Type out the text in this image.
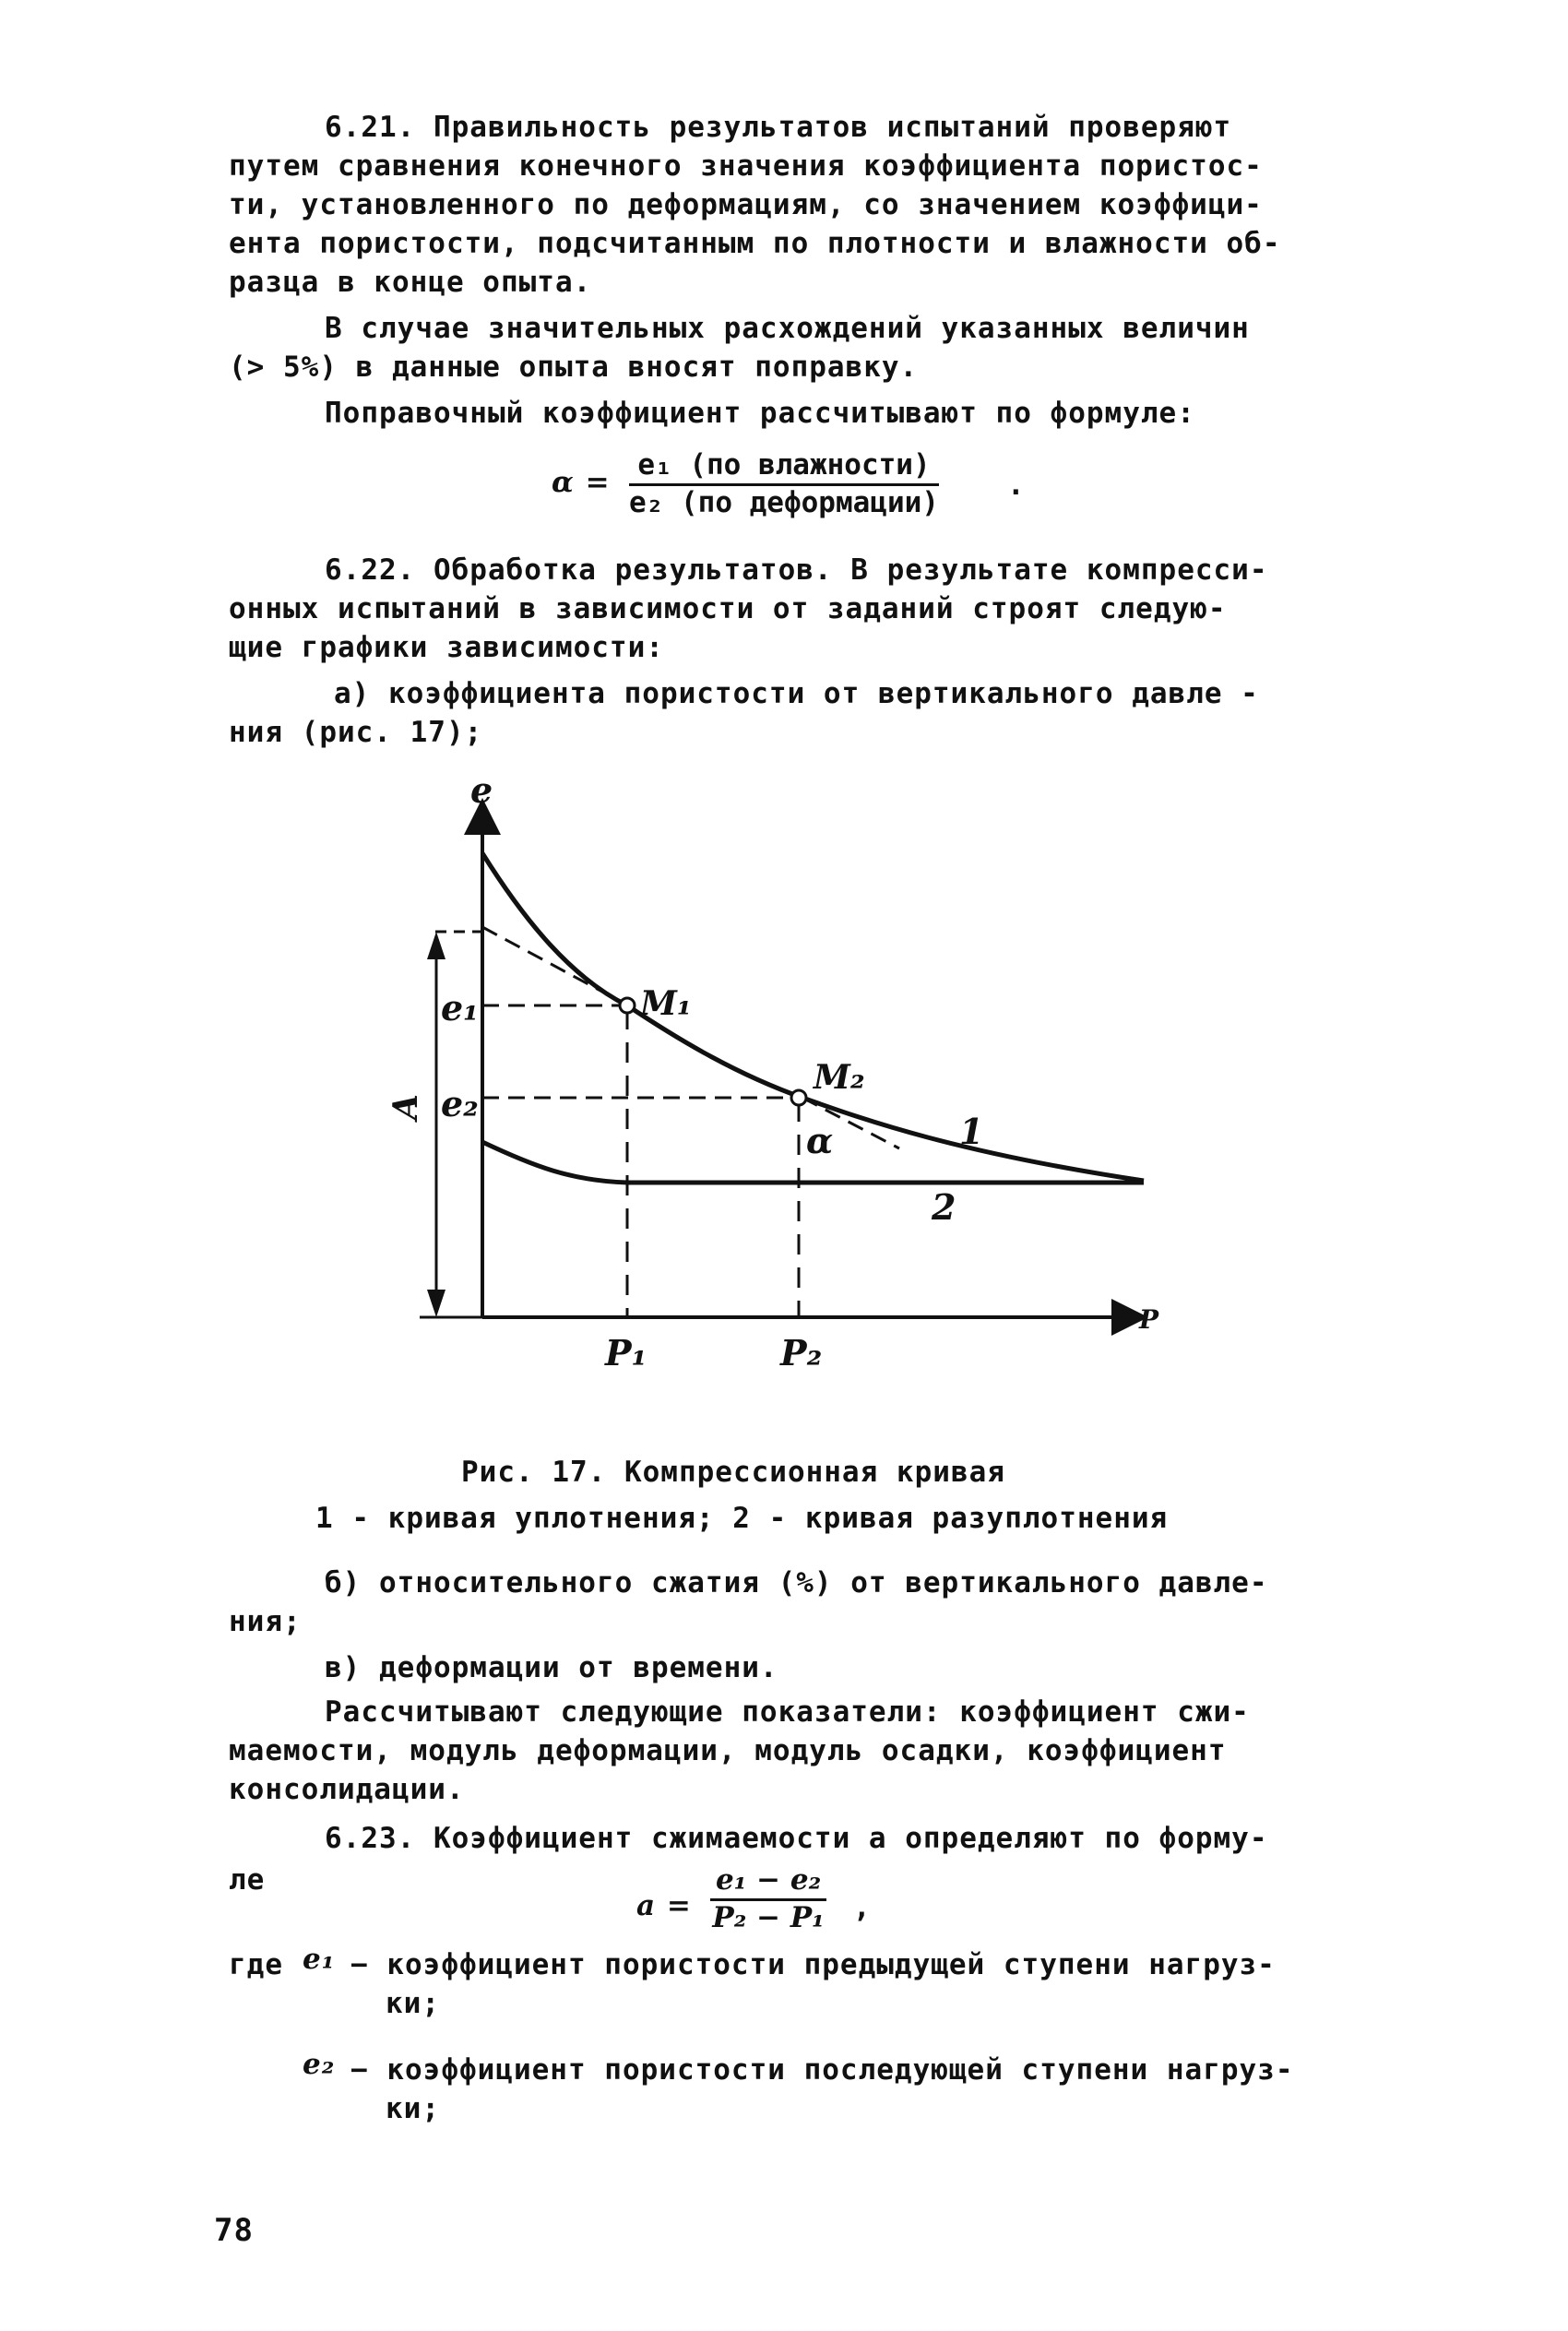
6.21. Правильность результатов испытаний проверяют
путем сравнения конечного значения коэффициента пористос-
ти, установленного по деформациям, со значением коэффици-
ента пористости, подсчитанным по плотности и влажности об-
разца в конце опыта.
В случае значительных расхождений указанных величин
(> 5%) в данные опыта вносят поправку.
Поправочный коэффициент рассчитывают по формуле:
α =
e₁ (по влажности)
e₂ (по деформации)
.
6.22. Обработка результатов. В результате компресси-
онных испытаний в зависимости от заданий строят следую-
щие графики зависимости:
а) коэффициента пористости от вертикального давле -
ния (рис. 17);
e
P
e₁
e₂
A
M₁
M₂
α	1
2
P₁	P₂
Рис. 17. Компрессионная кривая
1 - кривая уплотнения; 2 - кривая разуплотнения
б) относительного сжатия (%) от вертикального давле-
ния;
в) деформации от времени.
Рассчитывают следующие показатели: коэффициент сжи-
маемости, модуль деформации, модуль осадки, коэффициент
консолидации.
6.23. Коэффициент сжимаемости a определяют по форму-
ле
$a = \frac{\text{e₁ − e₂}}{\text{P₂ − P₁}}$ ,
где e₁ − коэффициент пористости предыдущей ступени нагруз-
ки;
e₂ − коэффициент пористости последующей ступени нагруз-
ки;
78
